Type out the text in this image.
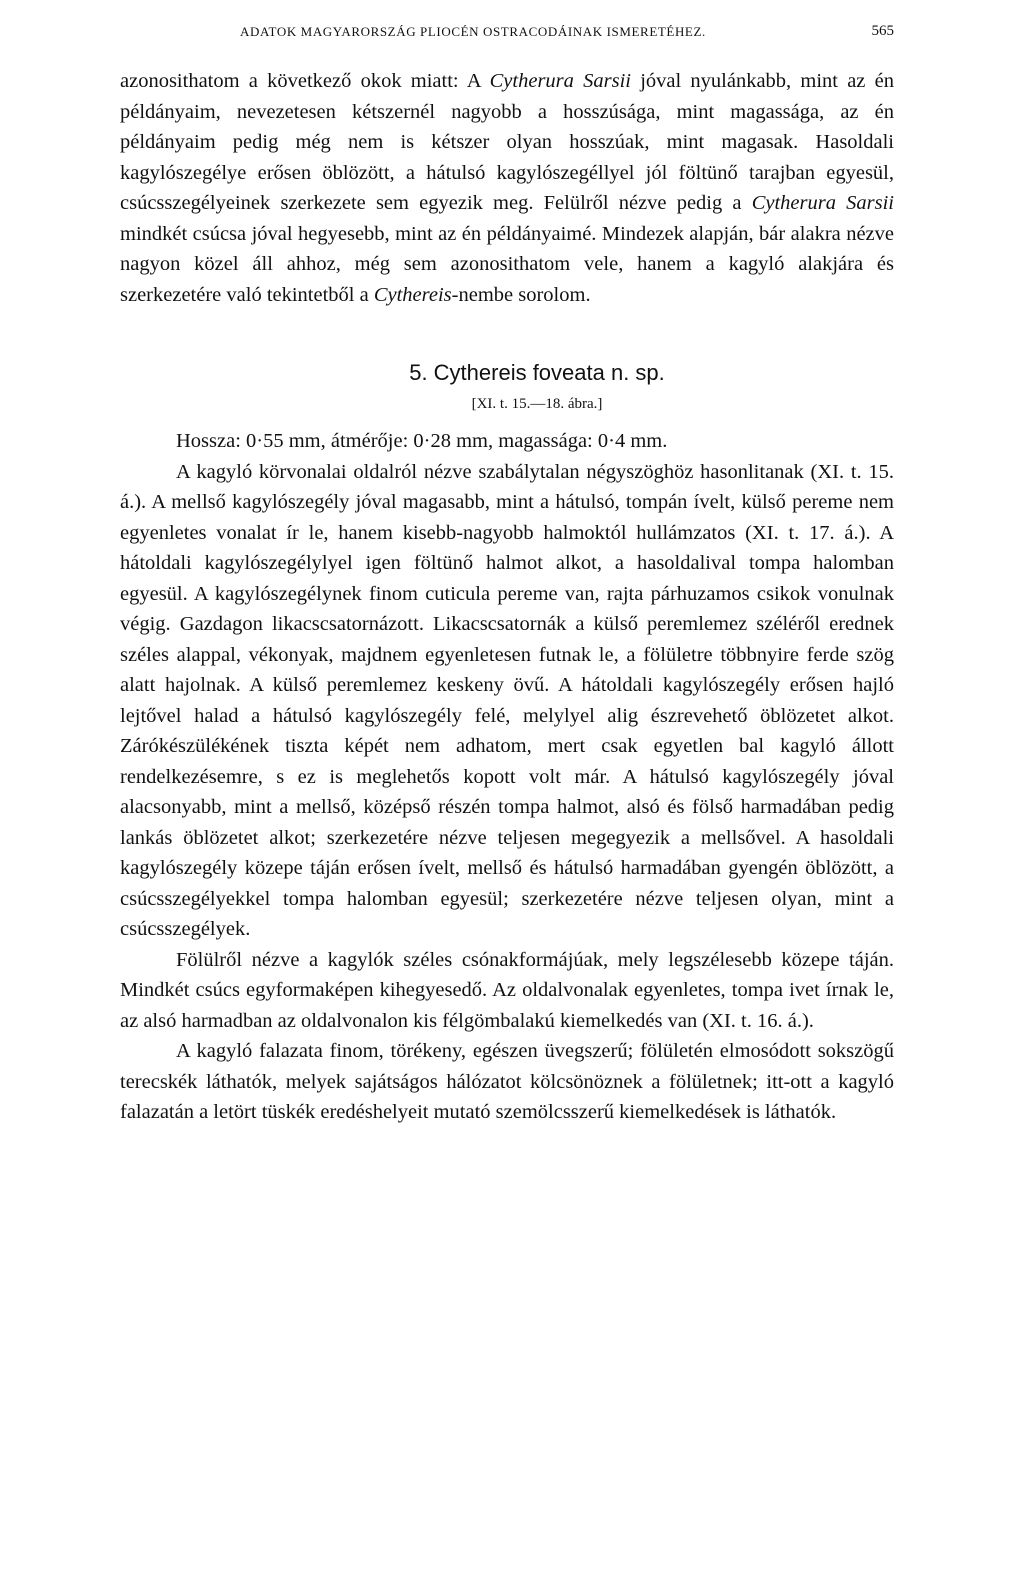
ADATOK MAGYARORSZÁG PLIOCÉN OSTRACODÁINAK ISMERETÉHEZ.	565

azonosithatom a következő okok miatt: A Cytherura Sarsii jóval nyulánkabb, mint az én példányaim, nevezetesen kétszernél nagyobb a hosszúsága, mint magassága, az én példányaim pedig még nem is kétszer olyan hosszúak, mint magasak. Hasoldali kagylószegélye erősen öblözött, a hátulsó kagylószegéllyel jól föltünő tarajban egyesül, csúcsszegélyeinek szerkezete sem egyezik meg. Felülről nézve pedig a Cytherura Sarsii mindkét csúcsa jóval hegyesebb, mint az én példányaimé. Mindezek alapján, bár alakra nézve nagyon közel áll ahhoz, még sem azonosithatom vele, hanem a kagyló alakjára és szerkezetére való tekintetből a Cythereis-nembe sorolom.

5. Cythereis foveata n. sp.
[XI. t. 15.—18. ábra.]

Hossza: 0·55 mm, átmérője: 0·28 mm, magassága: 0·4 mm.

A kagyló körvonalai oldalról nézve szabálytalan négyszöghöz hasonlitanak (XI. t. 15. á.). A mellső kagylószegély jóval magasabb, mint a hátulsó, tompán ívelt, külső pereme nem egyenletes vonalat ír le, hanem kisebb-nagyobb halmoktól hullámzatos (XI. t. 17. á.). A hátoldali kagylószegélylyel igen föltünő halmot alkot, a hasoldalival tompa halomban egyesül. A kagylószegélynek finom cuticula pereme van, rajta párhuzamos csikok vonulnak végig. Gazdagon likacscsatornázott. Likacscsatornák a külső peremlemez széléről erednek széles alappal, vékonyak, majdnem egyenletesen futnak le, a fölületre többnyire ferde szög alatt hajolnak. A külső peremlemez keskeny övű. A hátoldali kagylószegély erősen hajló lejtővel halad a hátulsó kagylószegély felé, melylyel alig észrevehető öblözetet alkot. Zárókészülékének tiszta képét nem adhatom, mert csak egyetlen bal kagyló állott rendelkezésemre, s ez is meglehetős kopott volt már. A hátulsó kagylószegély jóval alacsonyabb, mint a mellső, középső részén tompa halmot, alsó és fölső harmadában pedig lankás öblözetet alkot; szerkezetére nézve teljesen megegyezik a mellsővel. A hasoldali kagylószegély közepe táján erősen ívelt, mellső és hátulsó harmadában gyengén öblözött, a csúcsszegélyekkel tompa halomban egyesül; szerkezetére nézve teljesen olyan, mint a csúcsszegélyek.

Fölülről nézve a kagylók széles csónakformájúak, mely legszélesebb közepe táján. Mindkét csúcs egyformaképen kihegyesedő. Az oldalvonalak egyenletes, tompa ivet írnak le, az alsó harmadban az oldalvonalon kis félgömbalakú kiemelkedés van (XI. t. 16. á.).

A kagyló falazata finom, törékeny, egészen üvegszerű; fölületén elmosódott sokszögű terecskék láthatók, melyek sajátságos hálózatot kölcsönöznek a fölületnek; itt-ott a kagyló falazatán a letört tüskék eredéshelyeit mutató szemölcsszerű kiemelkedések is láthatók.
